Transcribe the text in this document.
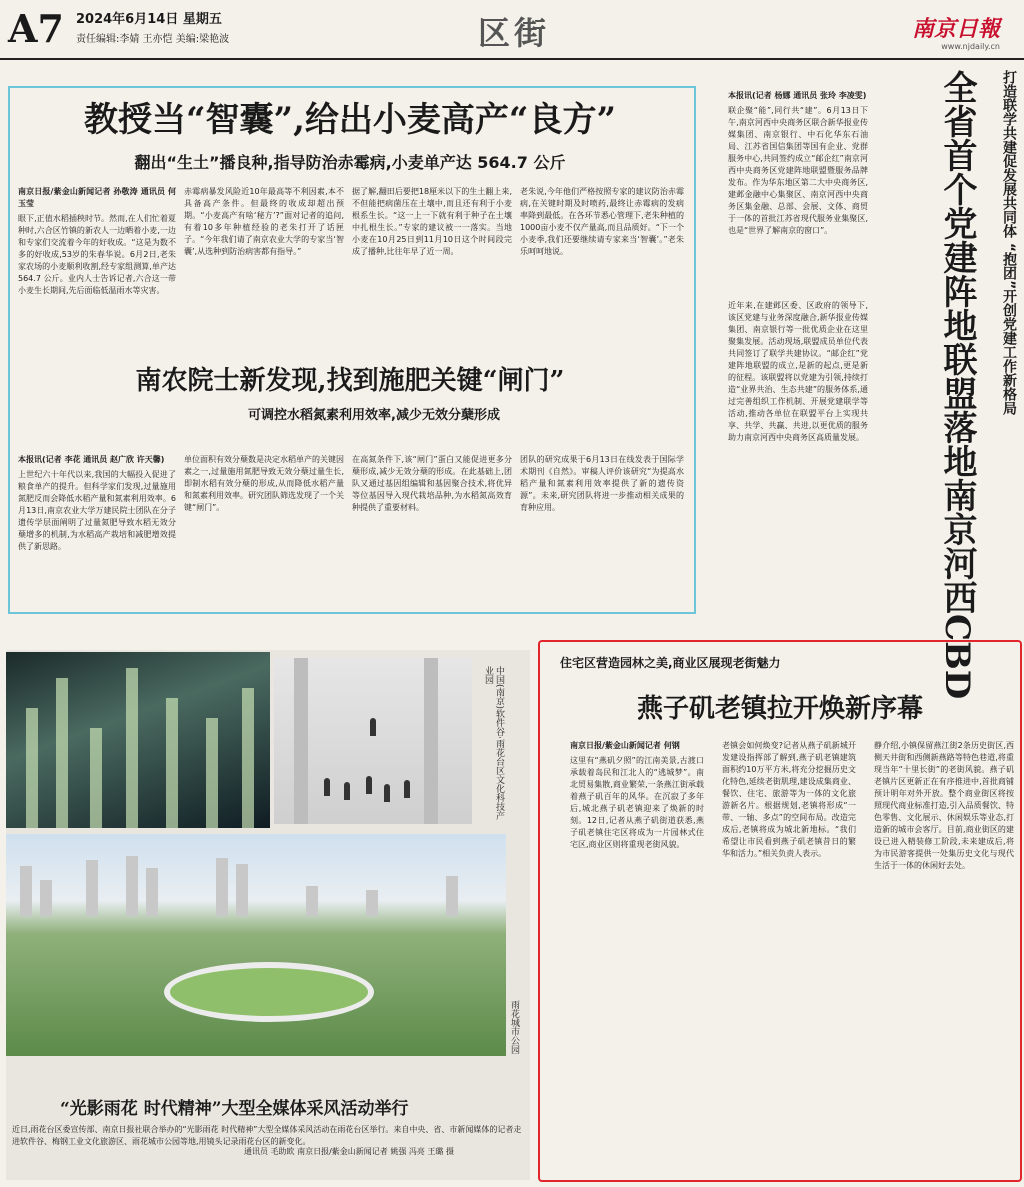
A7 2024年6月14日 星期五
责任编辑:李婧 王亦恺 美编:梁艳波	区街	南京日報
www.njdaily.cn
教授当“智囊”,给出小麦高产“良方”
翻出“生土”播良种,指导防治赤霉病,小麦单产达 564.7 公斤
南京日报/紫金山新闻记者 孙敬涛 通讯员 何玉莹
眼下,正值水稻插秧时节。然而,在人们忙着夏种时,六合区竹镇的新农人一边晒着小麦,一边和专家们交流着今年的好收成。“这是为数不多的好收成,53岁的朱春华说。6月2日,老朱家农场的小麦顺利收割,经专家组测算,单产达 564.7 公斤。业内人士告诉记者,六合这一带小麦生长期间,先后面临低温雨水等灾害。
赤霉病暴发风险近10年最高等不利因素,本不具备高产条件。但最终的收成却超出预期。“小麦高产有啥‘秘方’?”面对记者的追问,有着10多年种植经验的老朱打开了话匣子。“今年我们请了南京农业大学的专家当‘智囊’,从选种到防治病害都有指导。”
据了解,翻田后要把18厘米以下的生土翻上来,不但能把病菌压在土壤中,而且还有利于小麦根系生长。“这一上一下就有利于种子在土壤中扎根生长。”专家的建议被一一落实。当地小麦在10月25日到11月10日这个时间段完成了播种,比往年早了近一周。
老朱说,今年他们严格按照专家的建议防治赤霉病,在关键时期及时喷药,最终让赤霉病的发病率降到最低。在各环节悉心管理下,老朱种植的1000亩小麦不仅产量高,而且品质好。“下一个小麦季,我们还要继续请专家来当‘智囊’。”老朱乐呵呵地说。
南农院士新发现,找到施肥关键“闸门”
可调控水稻氮素利用效率,减少无效分蘖形成
本报讯(记者 李花 通讯员 赵广欣 许天馨)
上世纪六十年代以来,我国的大幅投入促进了粮食单产的提升。但科学家们发现,过量施用氮肥反而会降低水稻产量和氮素利用效率。6月13日,南京农业大学万建民院士团队在分子遗传学层面阐明了过量氮肥导致水稻无效分蘖增多的机制,为水稻高产栽培和减肥增效提供了新思路。
单位面积有效分蘖数是决定水稻单产的关键因素之一,过量施用氮肥导致无效分蘖过量生长,即制水稻有效分蘖的形成,从而降低水稻产量和氮素利用效率。研究团队筛选发现了一个关键“闸门”。
在高氮条件下,该“闸门”蛋白又能促进更多分蘖形成,减少无效分蘖的形成。在此基础上,团队又通过基因组编辑和基因聚合技术,将优异等位基因导入现代栽培品种,为水稻氮高效育种提供了重要材料。
团队的研究成果于6月13日在线发表于国际学术期刊《自然》。审稿人评价该研究“为提高水稻产量和氮素利用效率提供了新的遗传资源”。未来,研究团队将进一步推动相关成果的育种应用。
本报讯(记者 杨娜 通讯员 张玲 李凌雯)
联企聚“能”,同行共“建”。6月13日下午,南京河西中央商务区联合新华报业传媒集团、南京银行、中石化华东石油局、江苏省国信集团等国有企业、党群服务中心,共同签约成立“邮企红”南京河西中央商务区党建阵地联盟暨服务品牌发布。作为华东地区第二大中央商务区,建邺金融中心集聚区、南京河西中央商务区集金融、总部、会展、文体、商贸于一体的首批江苏省现代服务业集聚区,也是“世界了解南京的窗口”。
近年来,在建邺区委、区政府的领导下,该区党建与业务深度融合,新华报业传媒集团、南京银行等一批优质企业在这里聚集发展。活动现场,联盟成员单位代表共同签订了联学共建协议。“邮企红”党建阵地联盟的成立,是新的起点,更是新的征程。该联盟将以党建为引领,持续打造“业界共治、生态共建”的服务体系,通过完善组织工作机制、开展党建联学等活动,推动各单位在联盟平台上实现共享、共学、共赢、共进,以更优质的服务助力南京河西中央商务区高质量发展。	全省首个党建阵地联盟落地南京河西CBD	打造联学共建促发展共同体 “抱团”开创党建工作新格局
中国(南京)软件谷·雨花台区文化科技产业园
雨花城市公园
“光影雨花 时代精神”大型全媒体采风活动举行
近日,雨花台区委宣传部、南京日报社联合举办的“光影雨花 时代精神”大型全媒体采风活动在雨花台区举行。来自中央、省、市新闻媒体的记者走进软件谷、梅钢工业文化旅游区、雨花城市公园等地,用镜头记录雨花台区的新变化。
通讯员 毛助欧 南京日报/紫金山新闻记者 姚强 冯亮 王璐 摄
住宅区营造园林之美,商业区展现老街魅力
燕子矶老镇拉开焕新序幕
南京日报/紫金山新闻记者 何钢
这里有“燕矶夕照”的江南美景,古渡口承载着岛民和江北人的“逃城梦”。南北贸易集散,商业繁荣,一条燕江街承载着燕子矶百年的风华。在沉寂了多年后,城北燕子矶老镇迎来了焕新的时刻。12日,记者从燕子矶街道获悉,燕子矶老镇住宅区将成为一片园林式住宅区,商业区则将重现老街风貌。
老镇会如何焕变?记者从燕子矶新城开发建设指挥部了解到,燕子矶老镇建筑面积约10万平方米,将充分挖掘历史文化特色,延续老街肌理,建设成集商业、餐饮、住宅、旅游等为一体的文化旅游新名片。根据规划,老镇将形成“一带、一轴、多点”的空间布局。改造完成后,老镇将成为城北新地标。“我们希望让市民看到燕子矶老镇昔日的繁华和活力。”相关负责人表示。
静介绍,小镇保留燕江街2条历史街区,西侧天井街和西侧新燕路等特色巷道,将重现当年“十里长街”的老街风貌。燕子矶老镇片区更新正在有序推进中,首批商铺预计明年对外开放。整个商业街区将按照现代商业标准打造,引入品质餐饮、特色零售、文化展示、休闲娱乐等业态,打造新的城市会客厅。目前,商业街区的建设已进入精装修工阶段,未来建成后,将为市民游客提供一处集历史文化与现代生活于一体的休闲好去处。
